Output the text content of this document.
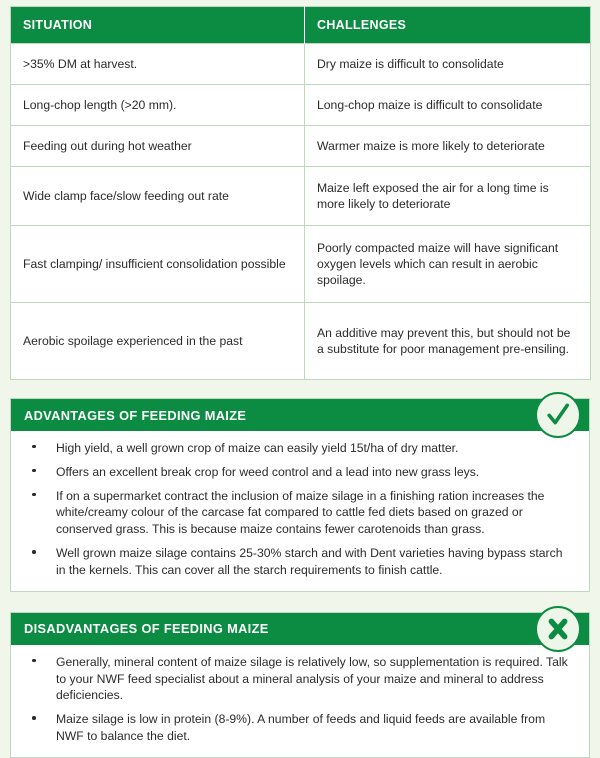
SITUATION	CHALLENGES
>35% DM at harvest.	Dry maize is difficult to consolidate
Long-chop length (>20 mm).	Long-chop maize is difficult to consolidate
Feeding out during hot weather	Warmer maize is more likely to deteriorate
Wide clamp face/slow feeding out rate	Maize left exposed the air for a long time is more likely to deteriorate
Fast clamping/ insufficient consolidation possible	Poorly compacted maize will have significant oxygen levels which can result in aerobic spoilage.
Aerobic spoilage experienced in the past	An additive may prevent this, but should not be a substitute for poor management pre-ensiling.
ADVANTAGES OF FEEDING MAIZE
High yield, a well grown crop of maize can easily yield 15t/ha of dry matter.
Offers an excellent break crop for weed control and a lead into new grass leys.
If on a supermarket contract the inclusion of maize silage in a finishing ration increases the white/creamy colour of the carcase fat compared to cattle fed diets based on grazed or conserved grass. This is because maize contains fewer carotenoids than grass.
Well grown maize silage contains 25-30% starch and with Dent varieties having bypass starch in the kernels. This can cover all the starch requirements to finish cattle.
DISADVANTAGES OF FEEDING MAIZE
Generally, mineral content of maize silage is relatively low, so supplementation is required. Talk to your NWF feed specialist about a mineral analysis of your maize and mineral to address deficiencies.
Maize silage is low in protein (8-9%). A number of feeds and liquid feeds are available from NWF to balance the diet.
